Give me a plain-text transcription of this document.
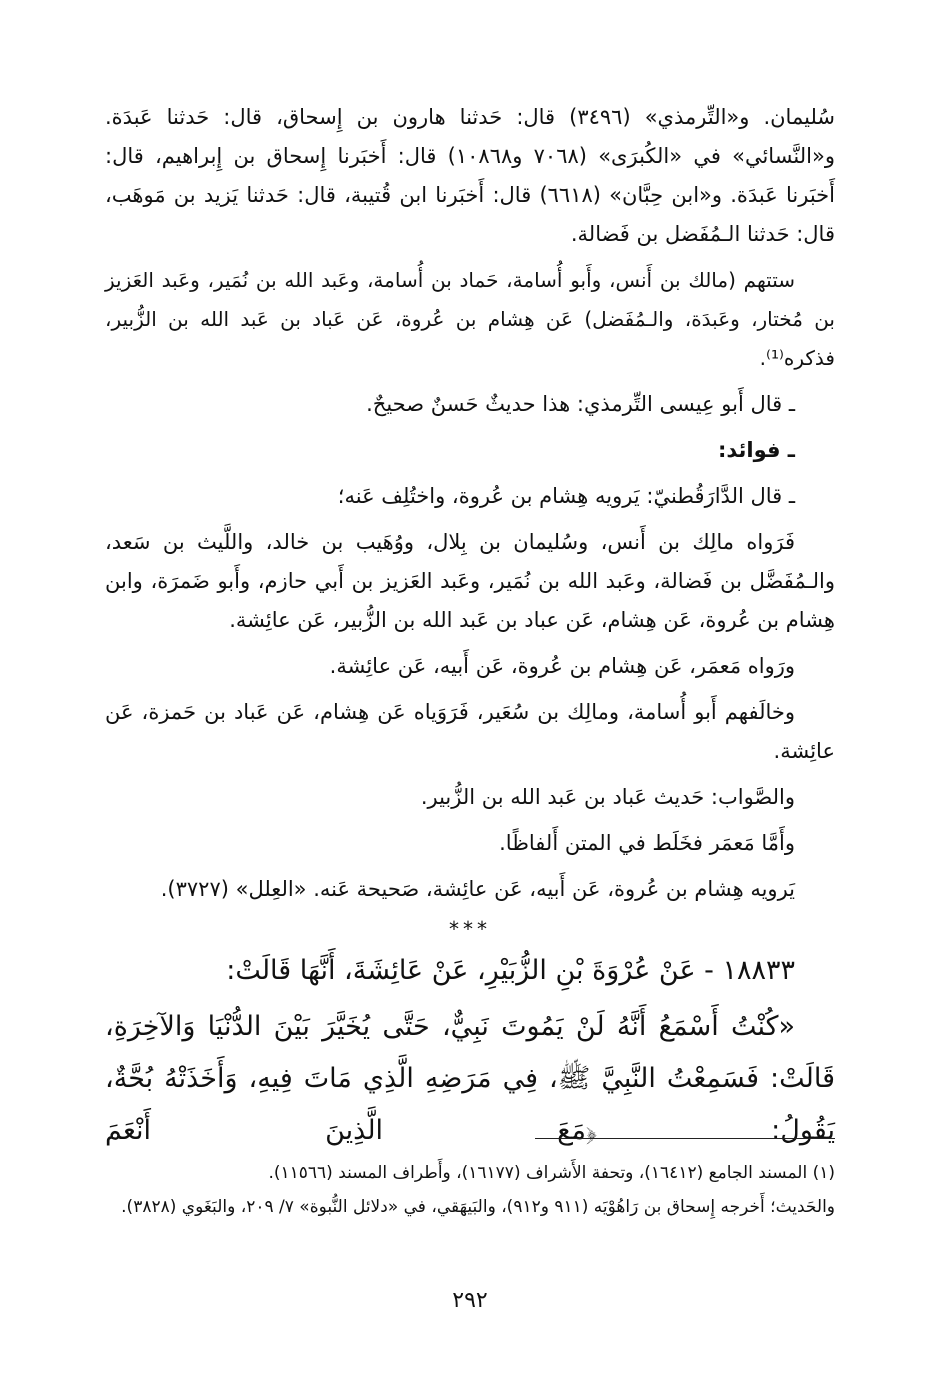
سُليمان. و«التِّرمذي» (٣٤٩٦) قال: حَدثنا هارون بن إِسحاق، قال: حَدثنا عَبدَة. و«النَّسائي» في «الكُبرَى» (٧٠٦٨ و١٠٨٦٨) قال: أَخبَرنا إِسحاق بن إِبراهيم، قال: أَخبَرنا عَبدَة. و«ابن حِبَّان» (٦٦١٨) قال: أَخبَرنا ابن قُتيبة، قال: حَدثنا يَزيد بن مَوهَب، قال: حَدثنا الـمُفَضل بن فَضالة.

ستتهم (مالك بن أَنس، وأَبو أُسامة، حَماد بن أُسامة، وعَبد الله بن نُمَير، وعَبد العَزيز بن مُختار، وعَبدَة، والـمُفَضل) عَن هِشام بن عُروة، عَن عَباد بن عَبد الله بن الزُّبير، فذكره⁽¹⁾.

ـ قال أَبو عِيسى التِّرمذي: هذا حديثٌ حَسنٌ صحيحٌ.

ـ فوائد:

ـ قال الدَّارَقُطنيّ: يَرويه هِشام بن عُروة، واختُلِف عَنه؛

فَرَواه مالِك بن أَنس، وسُليمان بن بِلال، ووُهَيب بن خالد، واللَّيث بن سَعد، والـمُفَضَّل بن فَضالة، وعَبد الله بن نُمَير، وعَبد العَزيز بن أَبي حازم، وأَبو ضَمرَة، وابن هِشام بن عُروة، عَن هِشام، عَن عباد بن عَبد الله بن الزُّبير، عَن عائِشة.

ورَواه مَعمَر، عَن هِشام بن عُروة، عَن أَبيه، عَن عائِشة.

وخالَفهم أَبو أُسامة، ومالِك بن سُعَير، فَرَوَياه عَن هِشام، عَن عَباد بن حَمزة، عَن عائِشة.

والصَّواب: حَديث عَباد بن عَبد الله بن الزُّبير.

وأَمَّا مَعمَر فخَلَط في المتن أَلفاظًا.

يَرويه هِشام بن عُروة، عَن أَبيه، عَن عائِشة، صَحيحة عَنه. «العِلل» (٣٧٢٧).

***

١٨٨٣٣ - عَنْ عُرْوَةَ بْنِ الزُّبَيْرِ، عَنْ عَائِشَةَ، أَنَّهَا قَالَتْ:

«كُنْتُ أَسْمَعُ أَنَّهُ لَنْ يَمُوتَ نَبِيٌّ، حَتَّى يُخَيَّرَ بَيْنَ الدُّنْيَا وَالآخِرَةِ، قَالَتْ: فَسَمِعْتُ النَّبِيَّ ﷺ، فِي مَرَضِهِ الَّذِي مَاتَ فِيهِ، وَأَخَذَتْهُ بُحَّةٌ، يَقُولُ: ﴿مَعَ الَّذِينَ أَنْعَمَ

(١) المسند الجامع (١٦٤١٢)، وتحفة الأَشراف (١٦١٧٧)، وأَطراف المسند (١١٥٦٦).

والحَديث؛ أَخرجه إِسحاق بن رَاهُوْيَه (٩١١ و٩١٢)، والبَيهَقي، في «دلائل النُّبوة» ٧/ ٢٠٩، والبَغَوي (٣٨٢٨).

٢٩٢
